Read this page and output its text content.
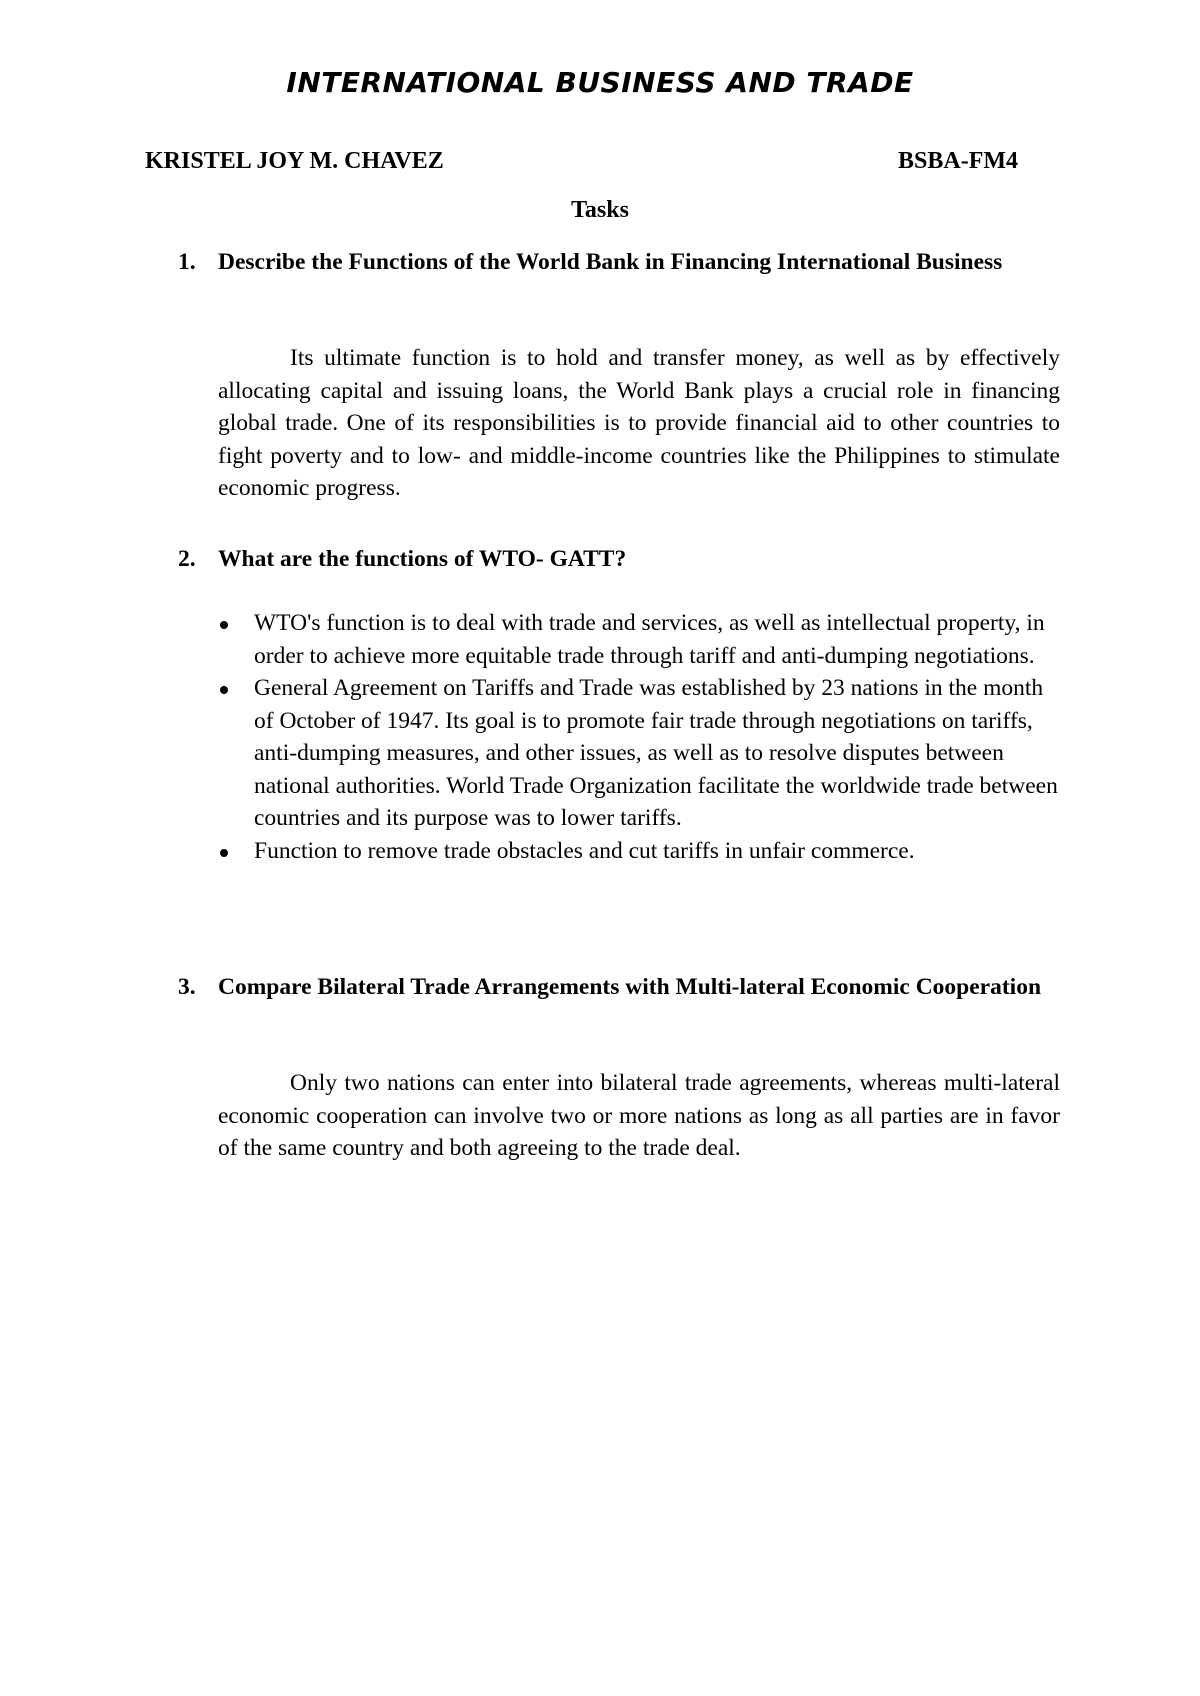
INTERNATIONAL BUSINESS AND TRADE
KRISTEL JOY M. CHAVEZ	BSBA-FM4
Tasks
1. Describe the Functions of the World Bank in Financing International Business

Its ultimate function is to hold and transfer money, as well as by effectively allocating capital and issuing loans, the World Bank plays a crucial role in financing global trade. One of its responsibilities is to provide financial aid to other countries to fight poverty and to low- and middle-income countries like the Philippines to stimulate economic progress.

2. What are the functions of WTO- GATT?
WTO's function is to deal with trade and services, as well as intellectual property, in order to achieve more equitable trade through tariff and anti-dumping negotiations.
General Agreement on Tariffs and Trade was established by 23 nations in the month of October of 1947. Its goal is to promote fair trade through negotiations on tariffs, anti-dumping measures, and other issues, as well as to resolve disputes between national authorities. World Trade Organization facilitate the worldwide trade between countries and its purpose was to lower tariffs.
Function to remove trade obstacles and cut tariffs in unfair commerce.
3. Compare Bilateral Trade Arrangements with Multi-lateral Economic Cooperation

Only two nations can enter into bilateral trade agreements, whereas multi-lateral economic cooperation can involve two or more nations as long as all parties are in favor of the same country and both agreeing to the trade deal.
